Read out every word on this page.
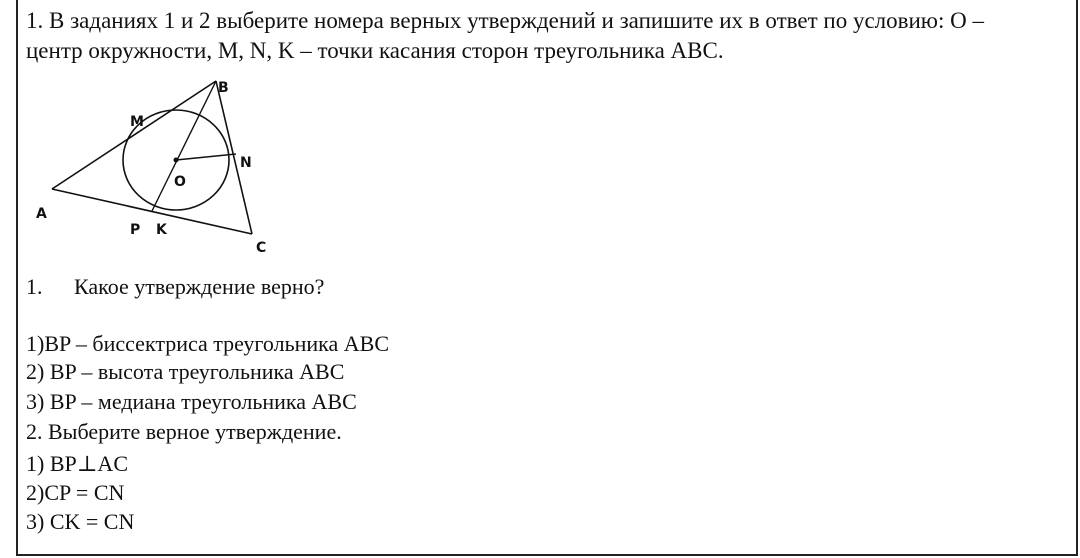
1. В заданиях 1 и 2 выберите номера верных утверждений и запишите их в ответ по условию: О –
центр окружности, M, N, K – точки касания сторон треугольника ABC.
B
M
N
O
A
P K
C
1. Какое утверждение верно?
1)BP – биссектриса треугольника ABC
2) BP – высота треугольника ABC
3) BP – медиана треугольника ABC
2. Выберите верное утверждение.
1) BP⊥AC
2)CP = CN
3) CK = CN
